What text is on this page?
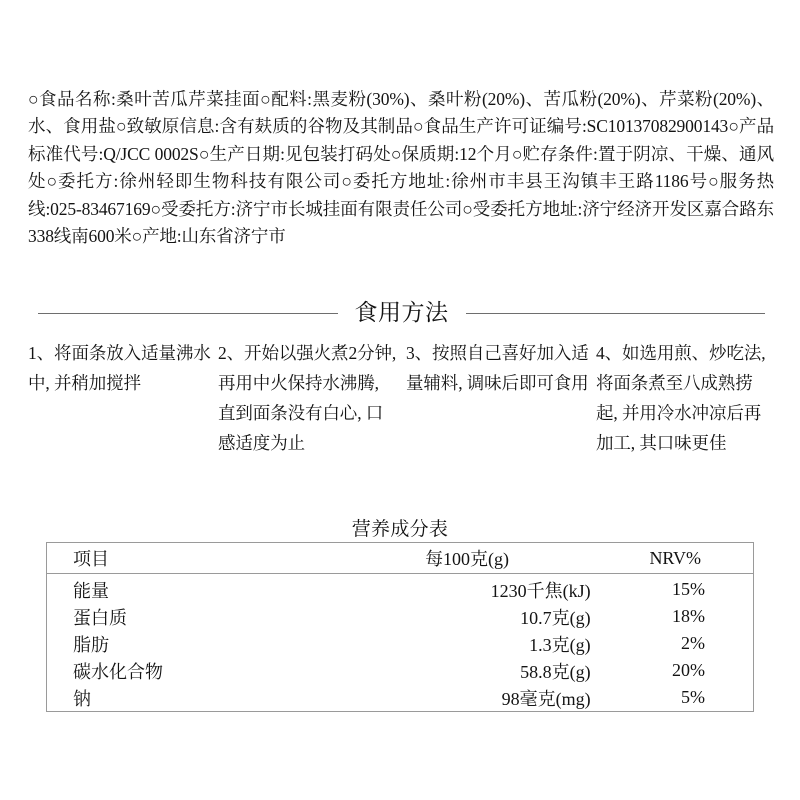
○食品名称:桑叶苦瓜芹菜挂面○配料:黑麦粉(30%)、桑叶粉(20%)、苦瓜粉(20%)、芹菜粉(20%)、水、食用盐○致敏原信息:含有麸质的谷物及其制品○食品生产许可证编号:SC10137082900143○产品标准代号:Q/JCC 0002S○生产日期:见包装打码处○保质期:12个月○贮存条件:置于阴凉、干燥、通风处○委托方:徐州轻即生物科技有限公司○委托方地址:徐州市丰县王沟镇丰王路1186号○服务热线:025-83467169○受委托方:济宁市长城挂面有限责任公司○受委托方地址:济宁经济开发区嘉合路东338线南600米○产地:山东省济宁市
食用方法
1、将面条放入适量沸水中, 并稍加搅拌
2、开始以强火煮2分钟, 再用中火保持水沸腾, 直到面条没有白心, 口感适度为止
3、按照自己喜好加入适量辅料, 调味后即可食用
4、如选用煎、炒吃法, 将面条煮至八成熟捞起, 并用冷水冲凉后再加工, 其口味更佳
营养成分表
项目	每100克(g)	NRV%
能量	1230千焦(kJ)	15%
蛋白质	10.7克(g)	18%
脂肪	1.3克(g)	2%
碳水化合物	58.8克(g)	20%
钠	98毫克(mg)	5%
